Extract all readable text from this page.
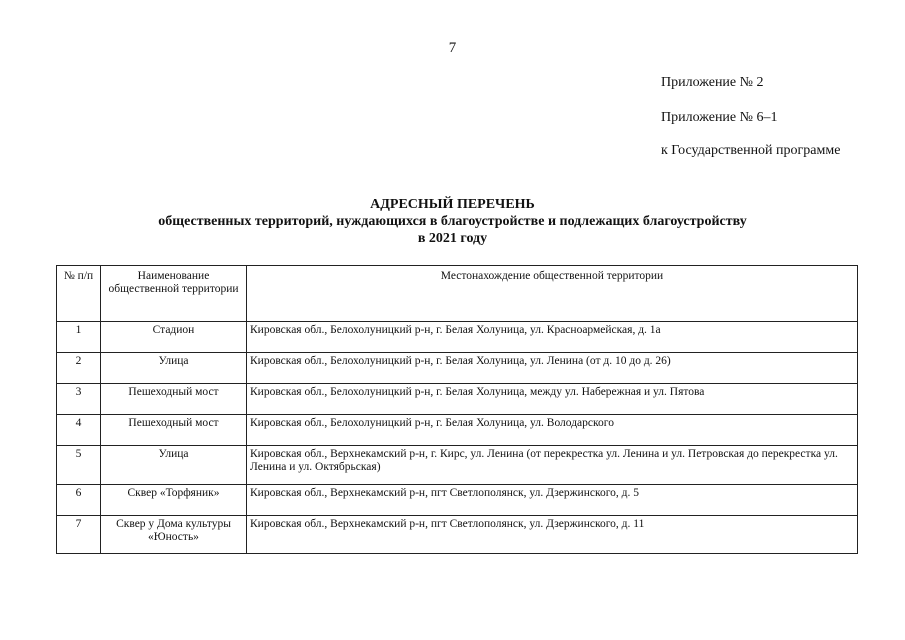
7
Приложение № 2
Приложение № 6–1
к Государственной программе
АДРЕСНЫЙ ПЕРЕЧЕНЬ
общественных территорий, нуждающихся в благоустройстве и подлежащих благоустройству
в 2021 году
№ п/п	Наименование общественной территории	Местонахождение общественной территории
1	Стадион	Кировская обл., Белохолуницкий р-н, г. Белая Холуница, ул. Красноармейская, д. 1а
2	Улица	Кировская обл., Белохолуницкий р-н, г. Белая Холуница, ул. Ленина (от д. 10 до д. 26)
3	Пешеходный мост	Кировская обл., Белохолуницкий р-н, г. Белая Холуница, между ул. Набережная и ул. Пятова
4	Пешеходный мост	Кировская обл., Белохолуницкий р-н, г. Белая Холуница, ул. Володарского
5	Улица	Кировская обл., Верхнекамский р-н, г. Кирс, ул. Ленина (от перекрестка ул. Ленина и ул. Петровская до перекрестка ул. Ленина и ул. Октябрьская)
6	Сквер «Торфяник»	Кировская обл., Верхнекамский р-н, пгт Светлополянск, ул. Дзержинского, д. 5
7	Сквер у Дома культуры «Юность»	Кировская обл., Верхнекамский р-н, пгт Светлополянск, ул. Дзержинского, д. 11
